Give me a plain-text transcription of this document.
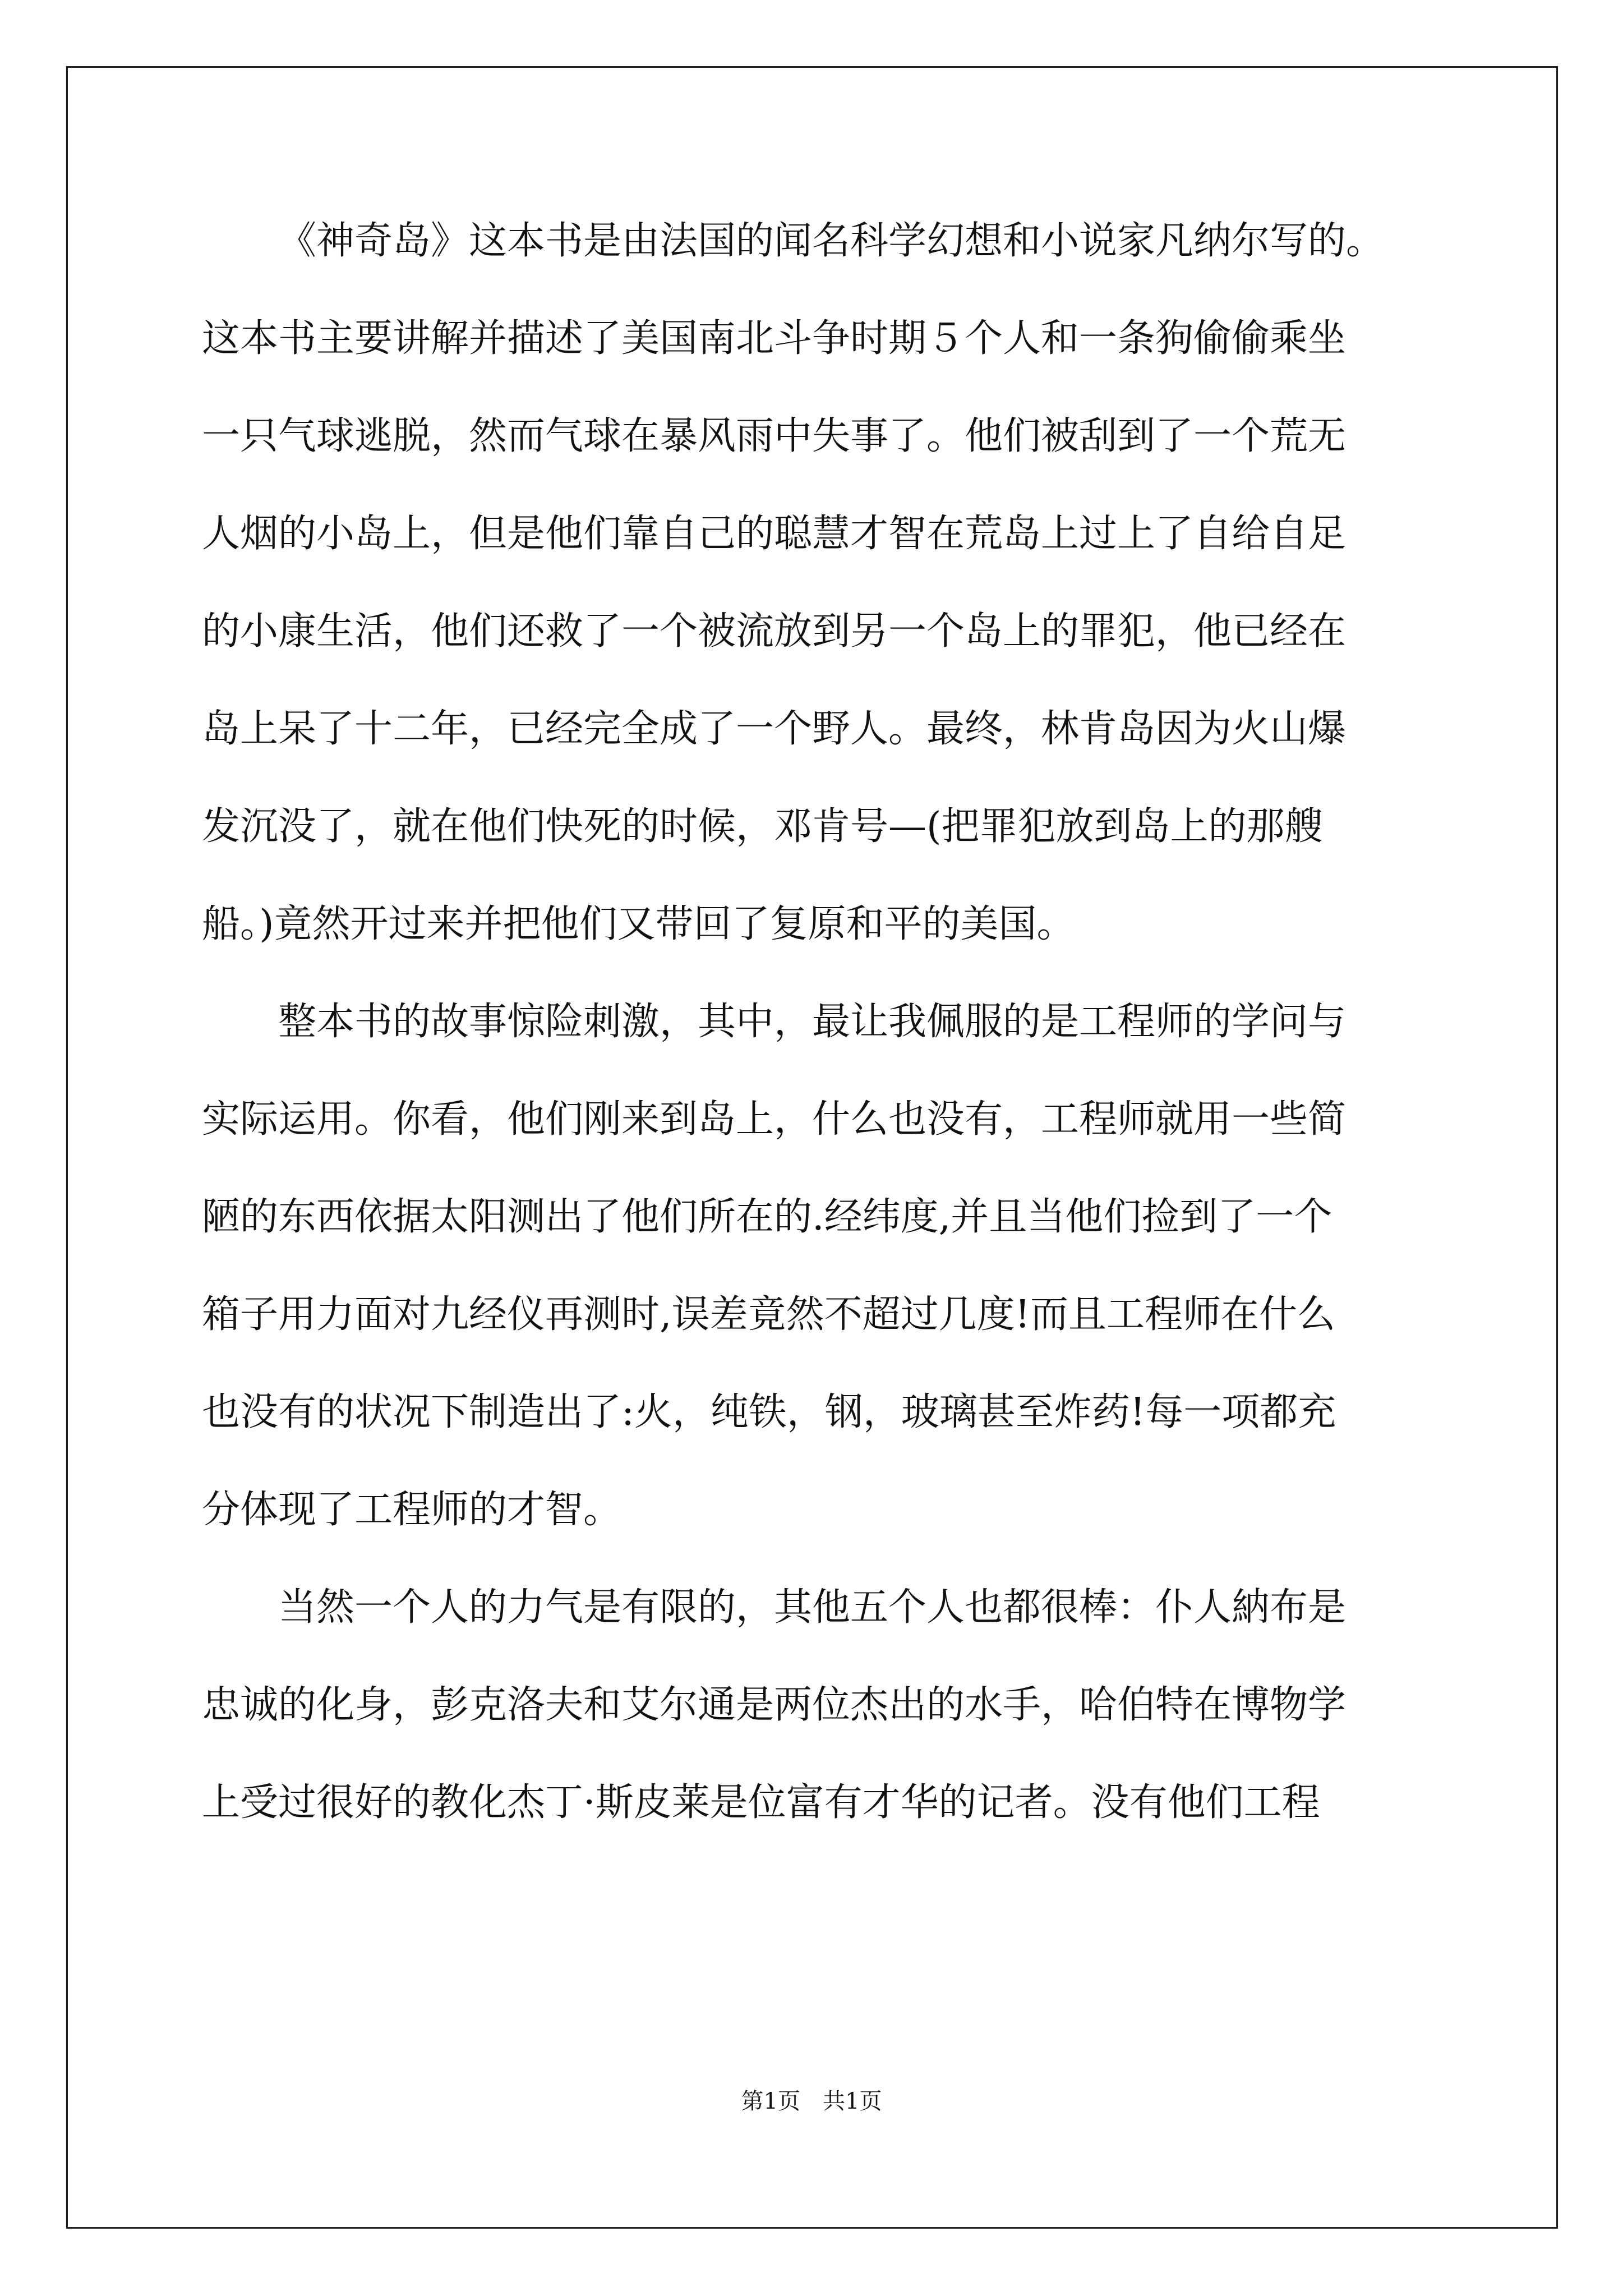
《神奇岛》这本书是由法国的闻名科学幻想和小说家凡纳尔写的。
这本书主要讲解并描述了美国南北斗争时期５个人和一条狗偷偷乘坐
一只气球逃脱，然而气球在暴风雨中失事了。他们被刮到了一个荒无
人烟的小岛上，但是他们靠自己的聪慧才智在荒岛上过上了自给自足
的小康生活，他们还救了一个被流放到另一个岛上的罪犯，他已经在
岛上呆了十二年，已经完全成了一个野人。最终，林肯岛因为火山爆
发沉没了，就在他们快死的时候，邓肯号—(把罪犯放到岛上的那艘
船。)竟然开过来并把他们又带回了复原和平的美国。
整本书的故事惊险刺激，其中，最让我佩服的是工程师的学问与
实际运用。你看，他们刚来到岛上，什么也没有，工程师就用一些简
陋的东西依据太阳测出了他们所在的.经纬度,并且当他们捡到了一个
箱子用力面对九经仪再测时,误差竟然不超过几度!而且工程师在什么
也没有的状况下制造出了:火，纯铁，钢，玻璃甚至炸药!每一项都充
分体现了工程师的才智。
当然一个人的力气是有限的，其他五个人也都很棒：仆人納布是
忠诚的化身，彭克洛夫和艾尔通是两位杰出的水手，哈伯特在博物学
上受过很好的教化杰丁·斯皮莱是位富有才华的记者。没有他们工程
第1页　共1页
